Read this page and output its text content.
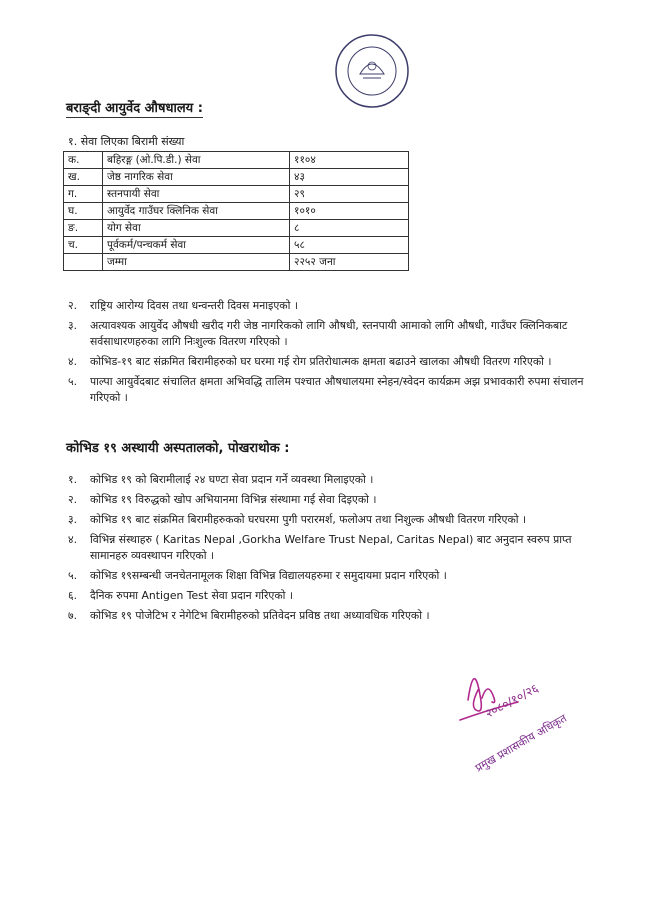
बराङ्दी आयुर्वेद औषधालय :
१. सेवा लिएका बिरामी संख्या
क.	बहिरङ्ग (ओ.पि.डी.) सेवा	११०४
ख.	जेष्ठ नागरिक सेवा	४३
ग.	स्तनपायी सेवा	२९
घ.	आयुर्वेद गाउँघर क्लिनिक सेवा	१०१०
ङ.	योग सेवा	८
च.	पूर्वकर्म/पन्चकर्म सेवा	५८
	जम्मा	२२५२ जना
२.	राष्ट्रिय आरोग्य दिवस तथा धन्वन्तरी दिवस मनाइएको ।
३.	अत्यावश्यक आयुर्वेद औषधी खरीद गरी जेष्ठ नागरिकको लागि औषधी, स्तनपायी आमाको लागि औषधी, गाउँघर क्लिनिकबाट सर्वसाधारणहरुका लागि निःशुल्क वितरण गरिएको ।
४.	कोभिड-१९ बाट संक्रमित बिरामीहरुको घर घरमा गई रोग प्रतिरोधात्मक क्षमता बढाउने खालका औषधी वितरण गरिएको ।
५.	पाल्पा आयुर्वेदबाट संचालित क्षमता अभिवद्धि तालिम पश्चात औषधालयमा स्नेहन/स्वेदन कार्यक्रम अझ प्रभावकारी रुपमा संचालन गरिएको ।
कोभिड १९ अस्थायी अस्पतालको, पोखराथोक :
१.	कोभिड १९ को बिरामीलाई २४ घण्टा सेवा प्रदान गर्ने व्यवस्था मिलाइएको ।
२.	कोभिड १९ विरुद्धको खोप अभियानमा विभिन्न संस्थामा गई सेवा दिइएको ।
३.	कोभिड १९ बाट संक्रमित बिरामीहरुकको घरघरमा पुगी परारमर्श, फलोअप तथा निशुल्क औषधी वितरण गरिएको ।
४.	विभिन्न संस्थाहरु ( Karitas Nepal ,Gorkha Welfare Trust Nepal, Caritas Nepal) बाट अनुदान स्वरुप प्राप्त सामानहरु व्यवस्थापन गरिएको ।
५.	कोभिड १९सम्बन्धी जनचेतनामूलक शिक्षा विभिन्न विद्यालयहरुमा र समुदायमा प्रदान गरिएको ।
६.	दैनिक रुपमा Antigen Test सेवा प्रदान गरिएको ।
७.	कोभिड १९ पोजेटिभ र नेगेटिभ बिरामीहरुको प्रतिवेदन प्रविष्ठ तथा अध्यावधिक गरिएको ।
२०८०/१०/२६
प्रमुख प्रशासकीय अधिकृत
